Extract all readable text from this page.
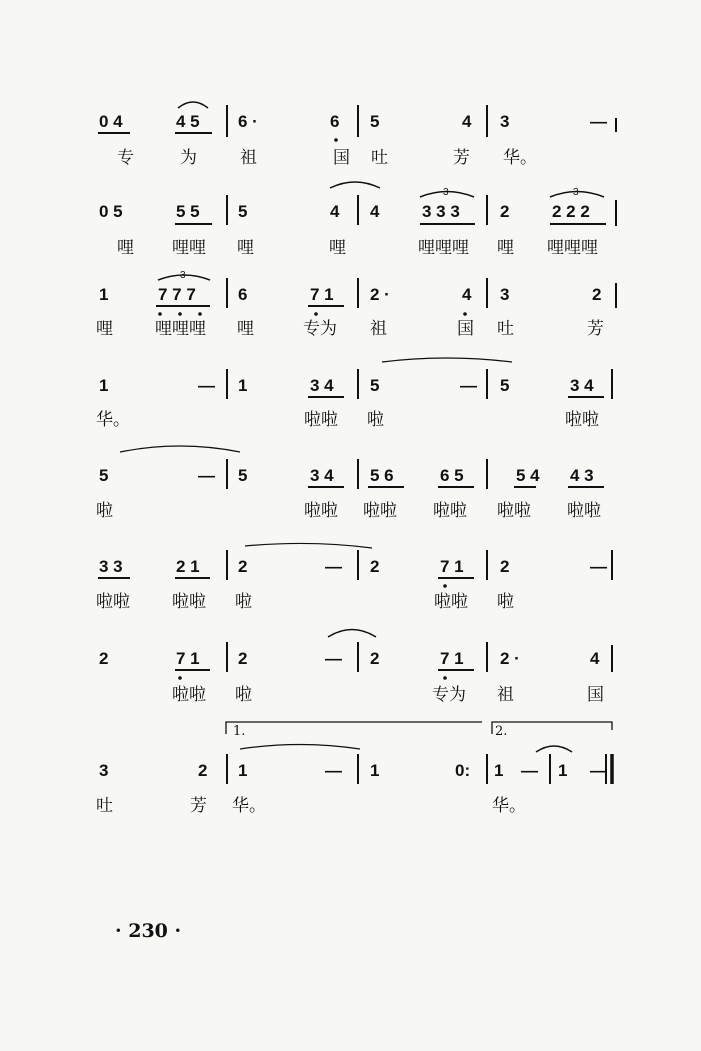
0 4	4 5 6 ·	6 5	4 3	—
专	为	祖	国 吐	芳 华。
0 5	5 5 5	4 4	3 3 3 2	2 2 2
哩 哩哩 哩	哩	哩哩哩 哩 哩哩哩
1	7 7 7 6	7 1 2 ·	4 3	2
哩 哩哩哩 哩	专为 祖	国 吐	芳
1	— 1	3 4 5	— 5	3 4
华。	啦啦 啦	啦啦
5	— 5	3 4 5 6	6 5	5 4 4 3
啦	啦啦 啦啦 啦啦 啦啦 啦啦
3 3	2 1 2	— 2	7 1 2	—
啦啦 啦啦 啦	啦啦 啦
2	7 1 2	— 2	7 1 2 ·	4
啦啦 啦	专为 祖	国
1.	2.
3	2 1	— 1	0: 1 — 1 —
吐	芳 华。	华。
· 230 ·
3	3
3
